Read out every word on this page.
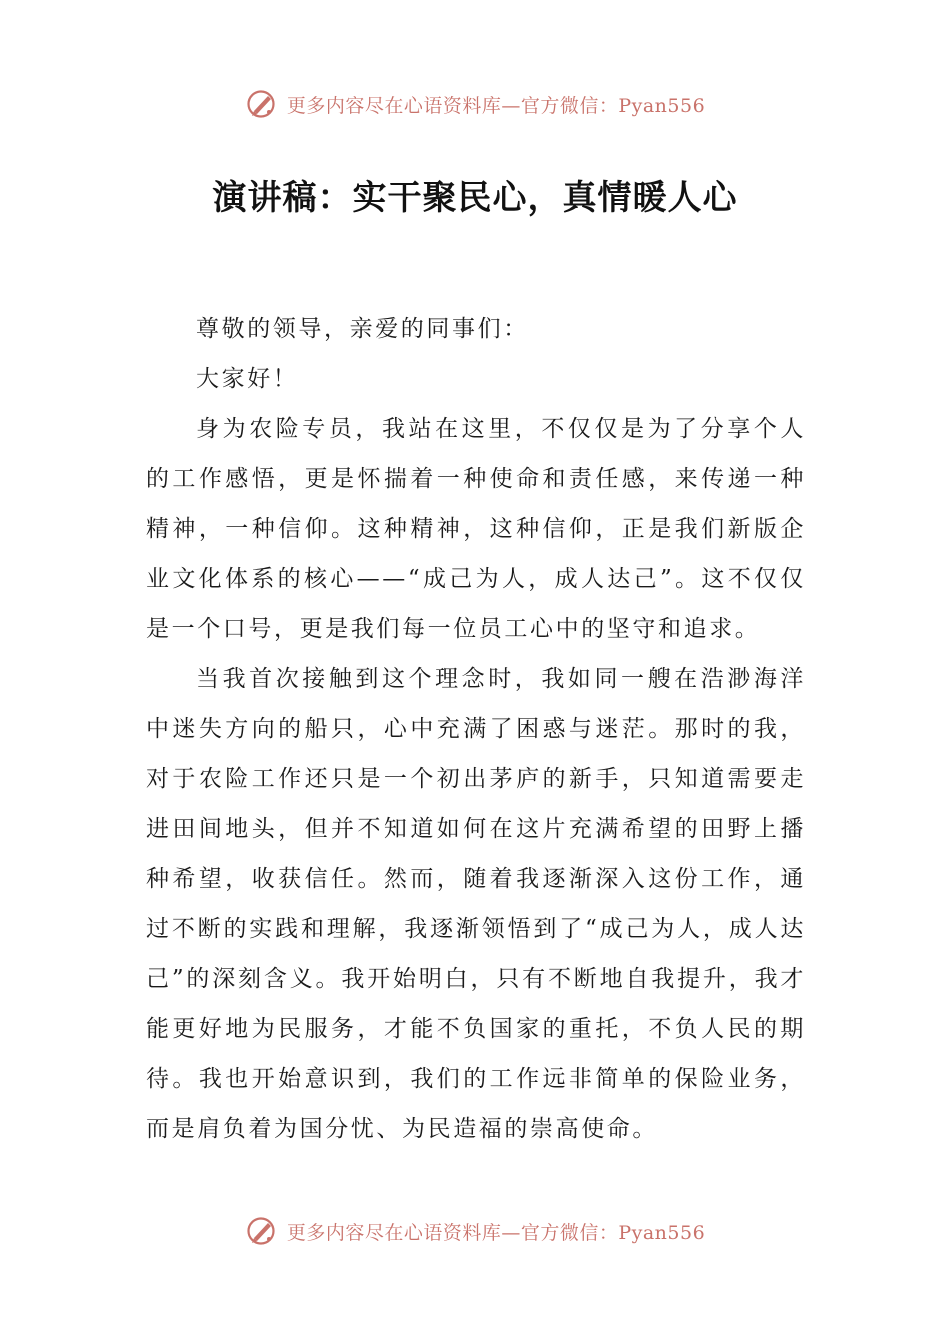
更多内容尽在心语资料库—官方微信：Pyan556
演讲稿：实干聚民心，真情暖人心

尊敬的领导，亲爱的同事们：

大家好！

身为农险专员，我站在这里，不仅仅是为了分享个人的工作感悟，更是怀揣着一种使命和责任感，来传递一种精神，一种信仰。这种精神，这种信仰，正是我们新版企业文化体系的核心——“成己为人，成人达己”。这不仅仅是一个口号，更是我们每一位员工心中的坚守和追求。

当我首次接触到这个理念时，我如同一艘在浩渺海洋中迷失方向的船只，心中充满了困惑与迷茫。那时的我，对于农险工作还只是一个初出茅庐的新手，只知道需要走进田间地头，但并不知道如何在这片充满希望的田野上播种希望，收获信任。然而，随着我逐渐深入这份工作，通过不断的实践和理解，我逐渐领悟到了“成己为人，成人达己”的深刻含义。我开始明白，只有不断地自我提升，我才能更好地为民服务，才能不负国家的重托，不负人民的期待。我也开始意识到，我们的工作远非简单的保险业务，而是肩负着为国分忧、为民造福的崇高使命。

更多内容尽在心语资料库—官方微信：Pyan556
